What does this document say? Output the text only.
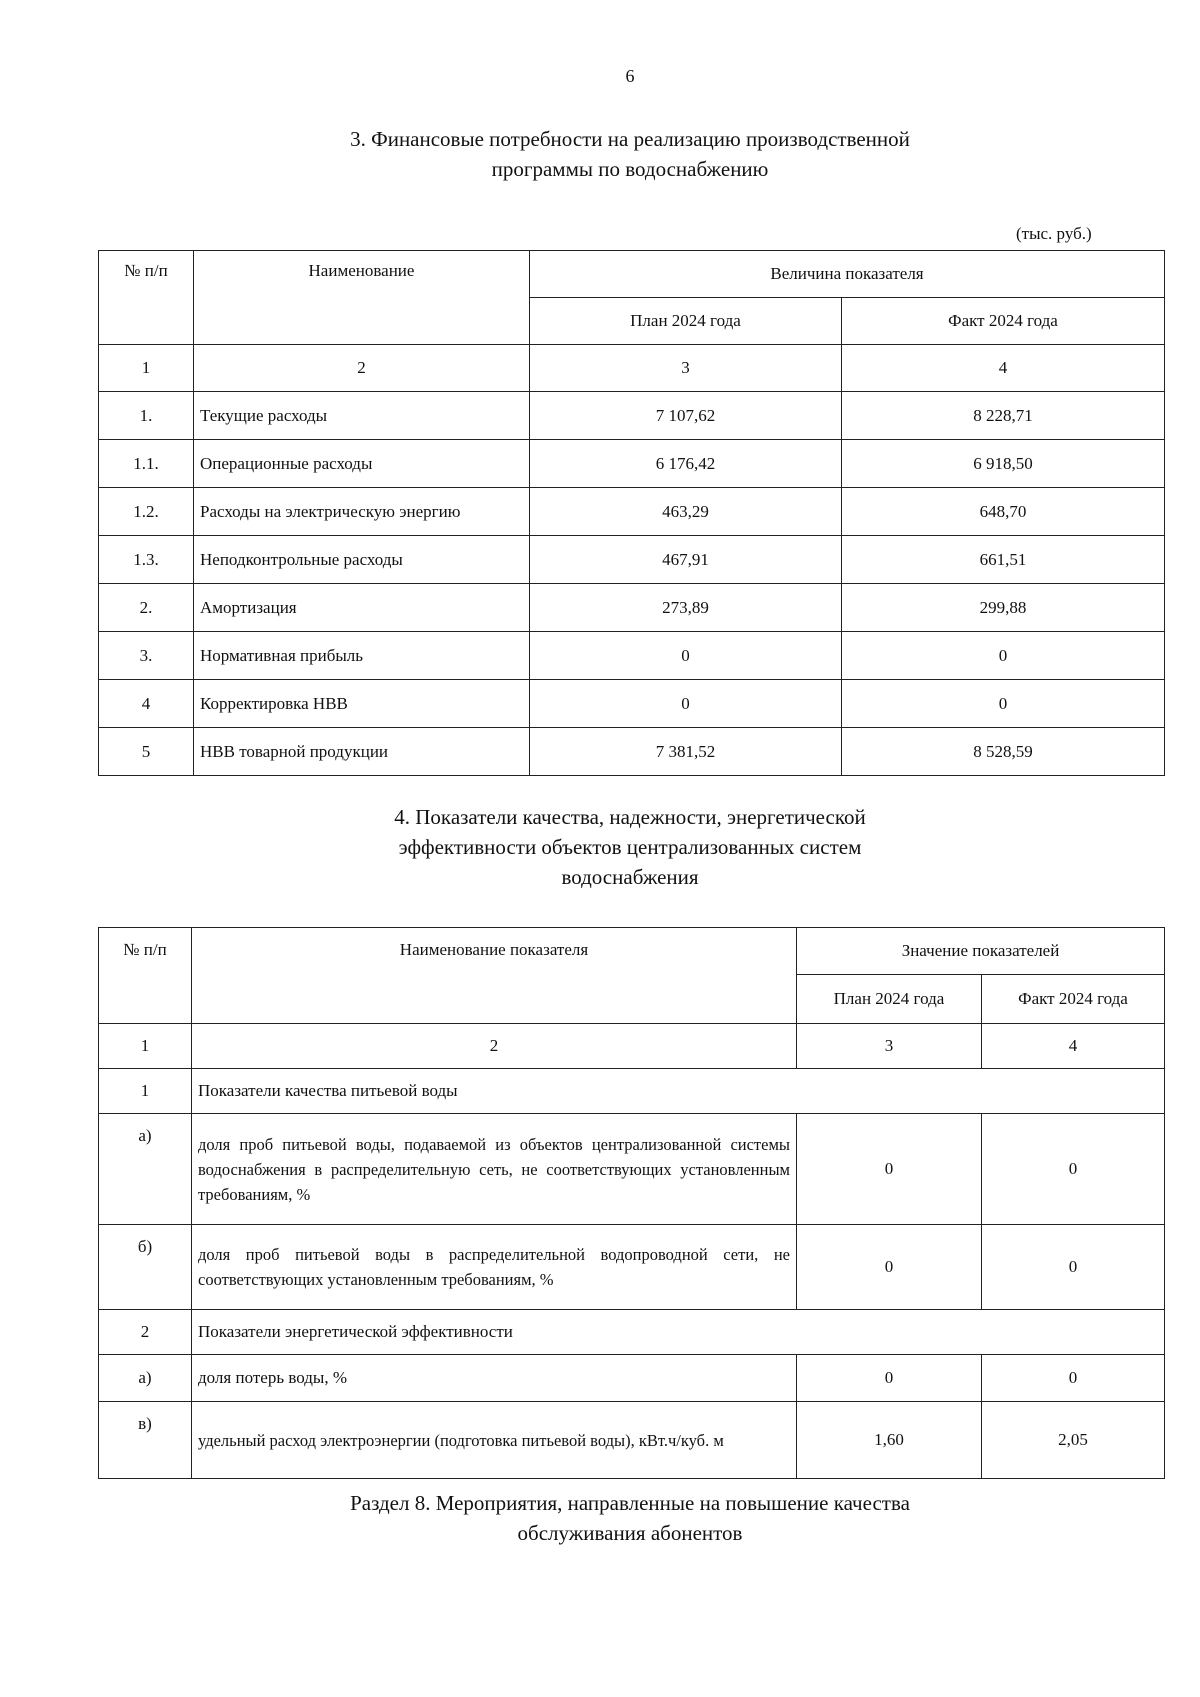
6
3. Финансовые потребности на реализацию производственной
программы по водоснабжению
(тыс. руб.)
№ п/п	Наименование	Величина показателя	
		План 2024 года	Факт 2024 года
1	2	3	4
1.	Текущие расходы	7 107,62	8 228,71
1.1.	Операционные расходы	6 176,42	6 918,50
1.2.	Расходы на электрическую энергию	463,29	648,70
1.3.	Неподконтрольные расходы	467,91	661,51
2.	Амортизация	273,89	299,88
3.	Нормативная прибыль	0	0
4	Корректировка НВВ	0	0
5	НВВ товарной продукции	7 381,52	8 528,59
4. Показатели качества, надежности, энергетической
эффективности объектов централизованных систем
водоснабжения
№ п/п	Наименование показателя	Значение показателей	
		План 2024 года	Факт 2024 года
1	2	3	4
1	Показатели качества питьевой воды		
а)	доля проб питьевой воды, подаваемой из объектов централизованной системы водоснабжения в распределительную сеть, не соответствующих установленным требованиям, %	0	0
б)	доля проб питьевой воды в распределительной водопроводной сети, не соответствующих установленным требованиям, %	0	0
2	Показатели энергетической эффективности		
а)	доля потерь воды, %	0	0
в)	удельный расход электроэнергии (подготовка питьевой воды), кВт.ч/куб. м	1,60	2,05
Раздел 8. Мероприятия, направленные на повышение качества
обслуживания абонентов
